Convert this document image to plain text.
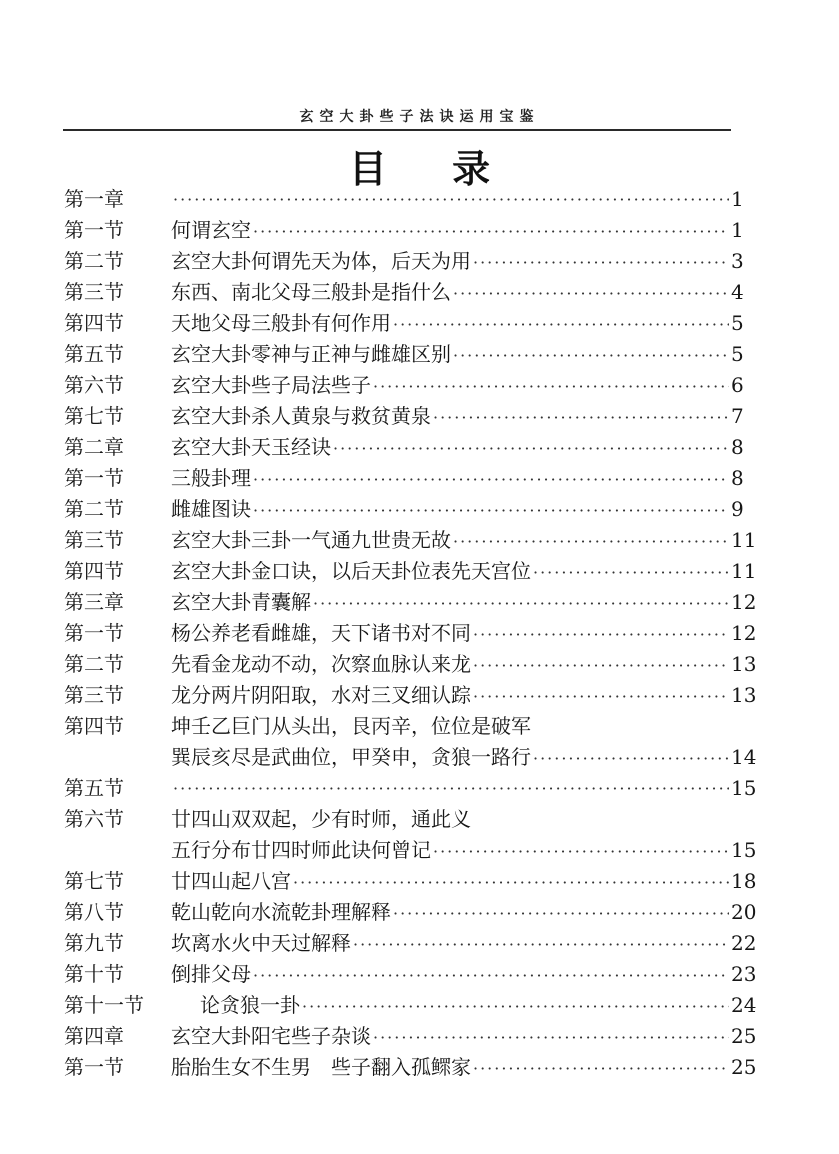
玄空大卦些子法诀运用宝鉴
目 录
第一章 ·····	1
第一节 何谓玄空 ·····	1
第二节 玄空大卦何谓先天为体，后天为用 ·····	3
第三节 东西、南北父母三般卦是指什么 ·····	4
第四节 天地父母三般卦有何作用 ·····	5
第五节 玄空大卦零神与正神与雌雄区别 ·····	5
第六节 玄空大卦些子局法些子 ·····	6
第七节 玄空大卦杀人黄泉与救贫黄泉 ·····	7
第二章 玄空大卦天玉经诀 ·····	8
第一节 三般卦理 ·····	8
第二节 雌雄图诀 ·····	9
第三节 玄空大卦三卦一气通九世贵无故 ·····	11
第四节 玄空大卦金口诀，以后天卦位表先天宫位 ·····	11
第三章 玄空大卦青囊解 ·····	12
第一节 杨公养老看雌雄，天下诸书对不同 ·····	12
第二节 先看金龙动不动，次察血脉认来龙 ·····	13
第三节 龙分两片阴阳取，水对三叉细认踪 ·····	13
第四节 坤壬乙巨门从头出，艮丙辛，位位是破军
巽辰亥尽是武曲位，甲癸申，贪狼一路行 ·····	14
第五节 ·····	15
第六节 廿四山双双起，少有时师，通此义
五行分布廿四时师此诀何曾记 ·····	15
第七节 廿四山起八宫 ·····	18
第八节 乾山乾向水流乾卦理解释 ·····	20
第九节 坎离水火中天过解释 ·····	22
第十节 倒排父母 ·····	23
第十一节	论贪狼一卦 ·····	24
第四章 玄空大卦阳宅些子杂谈 ·····	25
第一节 胎胎生女不生男　些子翻入孤鳏家 ·····	25
